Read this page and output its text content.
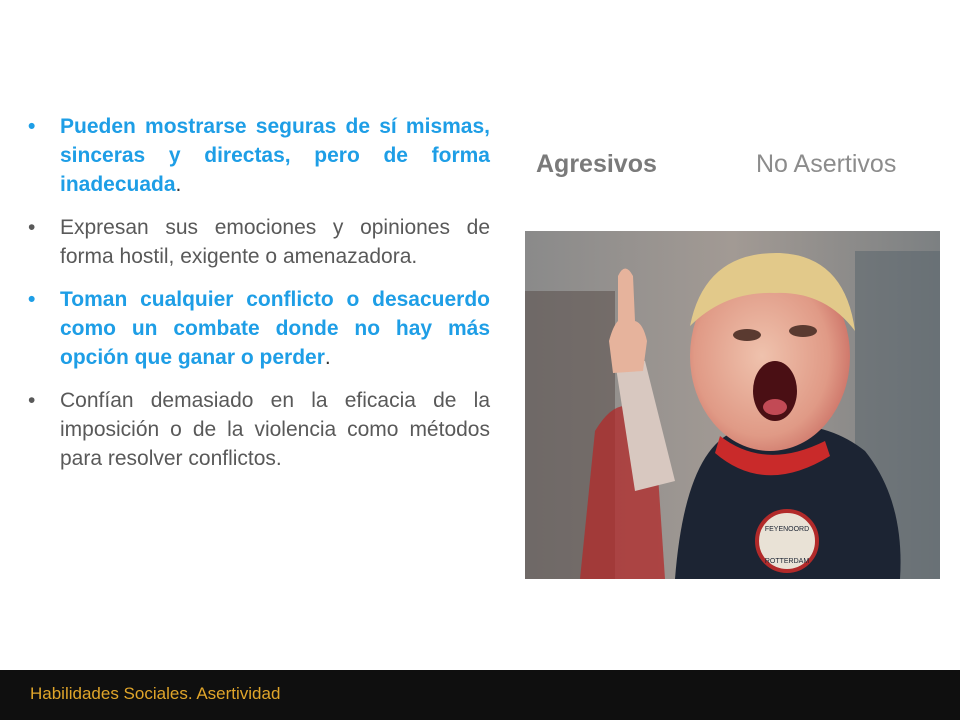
• Pueden mostrarse seguras de sí mismas, sinceras y directas, pero de forma inadecuada.
• Expresan sus emociones y opiniones de forma hostil, exigente o amenazadora.
• Toman cualquier conflicto o desacuerdo como un combate donde no hay más opción que ganar o perder.
• Confían demasiado en la eficacia de la imposición o de la violencia como métodos para resolver conflictos.
Agresivos	No Asertivos
FEYENOORD
ROTTERDAM
Habilidades Sociales. Asertividad
